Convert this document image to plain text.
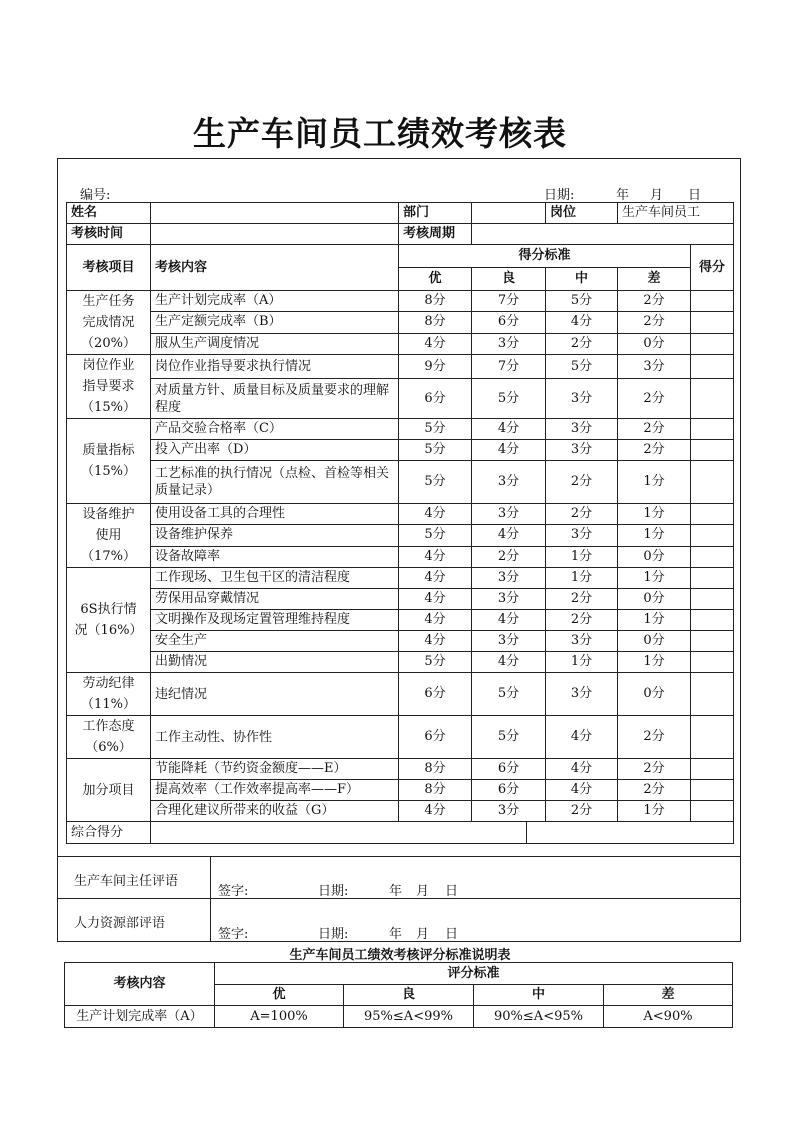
生产车间员工绩效考核表
编号:	日期:	年 月 日
姓名		部门			岗位	生产车间员工	
考核时间		考核周期					
考核项目	考核内容	得分标准					得分
		优	良		中	差	

生产任务
完成情况
（20%）	生产计划完成率（A）	8分	7分		5分	2分	
	生产定额完成率（B）	8分	6分		4分	2分	
	服从生产调度情况	4分	3分		2分	0分	

岗位作业
指导要求
（15%）	岗位作业指导要求执行情况	9分	7分		5分	3分	
	对质量方针、质量目标及质量要求的理解程度	6分	5分		3分	2分	

质量指标
（15%）	产品交验合格率（C）	5分	4分		3分	2分	
	投入产出率（D）	5分	4分		3分	2分	
	工艺标准的执行情况（点检、首检等相关质量记录）	5分	3分		2分	1分	

设备维护
使用
（17%）	使用设备工具的合理性	4分	3分		2分	1分	
	设备维护保养	5分	4分		3分	1分	
	设备故障率	4分	2分		1分	0分	

6S执行情
况（16%）	工作现场、卫生包干区的清洁程度	4分	3分		1分	1分	
	劳保用品穿戴情况	4分	3分		2分	0分	
	文明操作及现场定置管理维持程度	4分	4分		2分	1分	
	安全生产	4分	3分		3分	0分	
	出勤情况	5分	4分		1分	1分	

劳动纪律
（11%）	违纪情况	6分	5分		3分	0分	

工作态度
（6%）	工作主动性、协作性	6分	5分		4分	2分	

加分项目	节能降耗（节约资金额度——E）	8分	6分		4分	2分	
	提高效率（工作效率提高率——F）	8分	6分		4分	2分	
	合理化建议所带来的收益（G）	4分	3分		2分	1分	
综合得分							
生产车间主任评语
签字:	日期:	年 月 日
人力资源部评语
签字:	日期:	年 月 日
生产车间员工绩效考核评分标准说明表
考核内容	评分标准			
	优	良	中	差
生产计划完成率（A）	A=100%	95%≤A<99%	90%≤A<95%	A<90%
